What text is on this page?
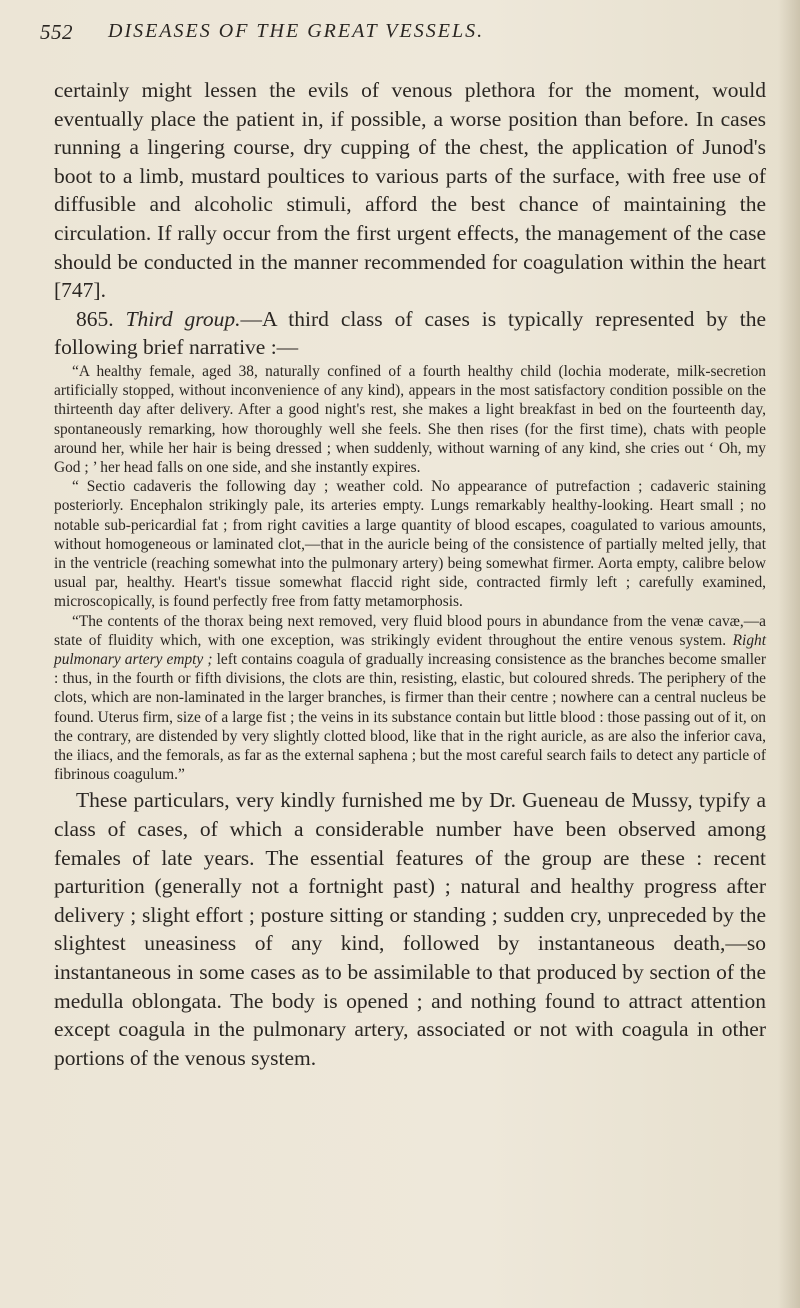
552 DISEASES OF THE GREAT VESSELS.

certainly might lessen the evils of venous plethora for the moment, would eventually place the patient in, if possible, a worse position than before. In cases running a lingering course, dry cupping of the chest, the application of Junod's boot to a limb, mustard poultices to various parts of the surface, with free use of diffusible and alcoholic stimuli, afford the best chance of maintaining the circulation. If rally occur from the first urgent effects, the management of the case should be conducted in the manner recommended for coagulation within the heart [747].

865. Third group.—A third class of cases is typically represented by the following brief narrative :—

“A healthy female, aged 38, naturally confined of a fourth healthy child (lochia moderate, milk-secretion artificially stopped, without inconvenience of any kind), appears in the most satisfactory condition possible on the thirteenth day after delivery. After a good night's rest, she makes a light breakfast in bed on the fourteenth day, spontaneously remarking, how thoroughly well she feels. She then rises (for the first time), chats with people around her, while her hair is being dressed ; when suddenly, without warning of any kind, she cries out ‘ Oh, my God ; ’ her head falls on one side, and she instantly expires.

“ Sectio cadaveris the following day ; weather cold. No appearance of putrefaction ; cadaveric staining posteriorly. Encephalon strikingly pale, its arteries empty. Lungs remarkably healthy-looking. Heart small ; no notable sub-pericardial fat ; from right cavities a large quantity of blood escapes, coagulated to various amounts, without homogeneous or laminated clot,—that in the auricle being of the consistence of partially melted jelly, that in the ventricle (reaching somewhat into the pulmonary artery) being somewhat firmer. Aorta empty, calibre below usual par, healthy. Heart's tissue somewhat flaccid right side, contracted firmly left ; carefully examined, microscopically, is found perfectly free from fatty metamorphosis.

“The contents of the thorax being next removed, very fluid blood pours in abundance from the venæ cavæ,—a state of fluidity which, with one exception, was strikingly evident throughout the entire venous system. Right pulmonary artery empty ; left contains coagula of gradually increasing consistence as the branches become smaller : thus, in the fourth or fifth divisions, the clots are thin, resisting, elastic, but coloured shreds. The periphery of the clots, which are non-laminated in the larger branches, is firmer than their centre ; nowhere can a central nucleus be found. Uterus firm, size of a large fist ; the veins in its substance contain but little blood : those passing out of it, on the contrary, are distended by very slightly clotted blood, like that in the right auricle, as are also the inferior cava, the iliacs, and the femorals, as far as the external saphena ; but the most careful search fails to detect any particle of fibrinous coagulum.”

These particulars, very kindly furnished me by Dr. Gueneau de Mussy, typify a class of cases, of which a considerable number have been observed among females of late years. The essential features of the group are these : recent parturition (generally not a fortnight past) ; natural and healthy progress after delivery ; slight effort ; posture sitting or standing ; sudden cry, unpreceded by the slightest uneasiness of any kind, followed by instantaneous death,—so instantaneous in some cases as to be assimilable to that produced by section of the medulla oblongata. The body is opened ; and nothing found to attract attention except coagula in the pulmonary artery, associated or not with coagula in other portions of the venous system.
